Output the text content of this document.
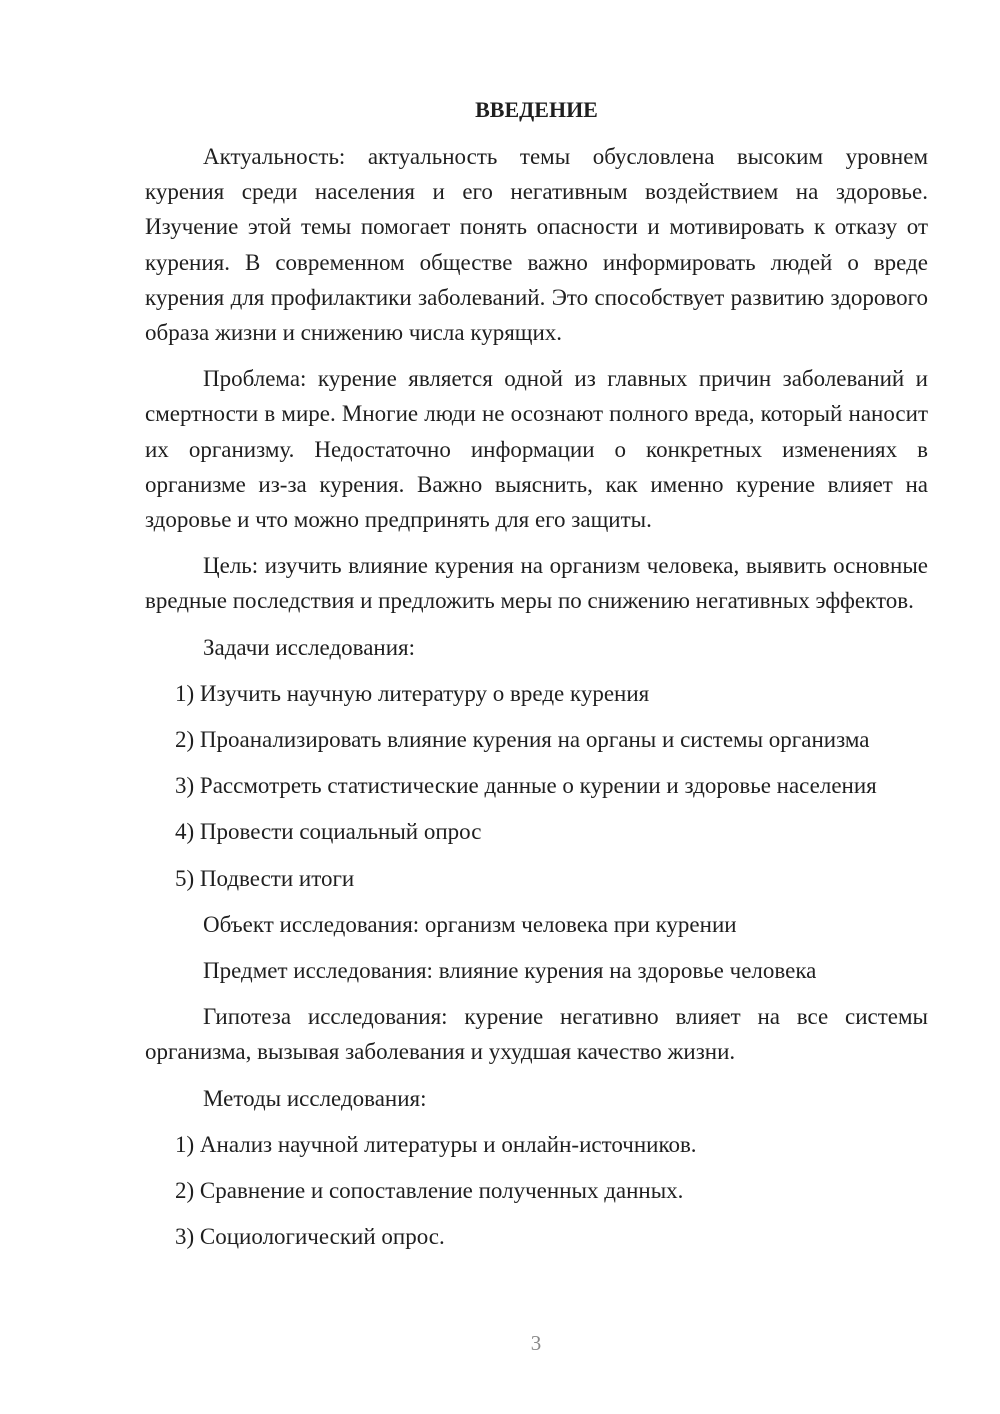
ВВЕДЕНИЕ
Актуальность: актуальность темы обусловлена высоким уровнем курения среди населения и его негативным воздействием на здоровье. Изучение этой темы помогает понять опасности и мотивировать к отказу от курения. В современном обществе важно информировать людей о вреде курения для профилактики заболеваний. Это способствует развитию здорового образа жизни и снижению числа курящих.
Проблема: курение является одной из главных причин заболеваний и смертности в мире. Многие люди не осознают полного вреда, который наносит их организму. Недостаточно информации о конкретных изменениях в организме из-за курения. Важно выяснить, как именно курение влияет на здоровье и что можно предпринять для его защиты.
Цель: изучить влияние курения на организм человека, выявить основные вредные последствия и предложить меры по снижению негативных эффектов.
Задачи исследования:
1) Изучить научную литературу о вреде курения
2) Проанализировать влияние курения на органы и системы организма
3) Рассмотреть статистические данные о курении и здоровье населения
4) Провести социальный опрос
5) Подвести итоги
Объект исследования: организм человека при курении
Предмет исследования: влияние курения на здоровье человека
Гипотеза исследования: курение негативно влияет на все системы организма, вызывая заболевания и ухудшая качество жизни.
Методы исследования:
1) Анализ научной литературы и онлайн-источников.
2) Сравнение и сопоставление полученных данных.
3) Социологический опрос.
3
